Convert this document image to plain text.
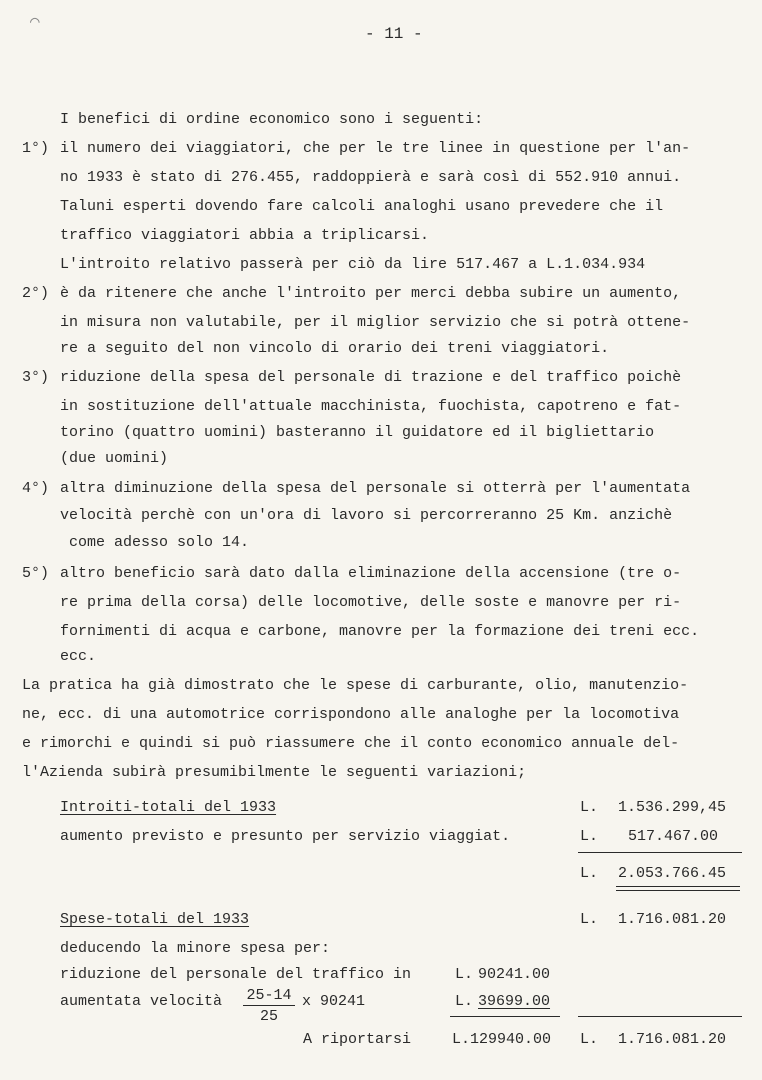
⌒
- 11 -
I benefici di ordine economico sono i seguenti:
1°) il numero dei viaggiatori, che per le tre linee in questione per l'an-
no 1933 è stato di 276.455, raddoppierà e sarà così di 552.910 annui.
Taluni esperti dovendo fare calcoli analoghi usano prevedere che il
traffico viaggiatori abbia a triplicarsi.
L'introito relativo passerà per ciò da lire 517.467 a L.1.034.934
2°) è da ritenere che anche l'introito per merci debba subire un aumento,
in misura non valutabile, per il miglior servizio che si potrà ottene-
re a seguito del non vincolo di orario dei treni viaggiatori.
3°) riduzione della spesa del personale di trazione e del traffico poichè
in sostituzione dell'attuale macchinista, fuochista, capotreno e fat-
torino (quattro uomini) basteranno il guidatore ed il bigliettario
(due uomini)
4°) altra diminuzione della spesa del personale si otterrà per l'aumentata
velocità perchè con un'ora di lavoro si percorreranno 25 Km. anzichè
come adesso solo 14.
5°) altro beneficio sarà dato dalla eliminazione della accensione (tre o-
re prima della corsa) delle locomotive, delle soste e manovre per ri-
fornimenti di acqua e carbone, manovre per la formazione dei treni ecc.
ecc.
La pratica ha già dimostrato che le spese di carburante, olio, manutenzio-
ne, ecc. di una automotrice corrispondono alle analoghe per la locomotiva
e rimorchi e quindi si può riassumere che il conto economico annuale del-
l'Azienda subirà presumibilmente le seguenti variazioni;
Introiti-totali del 1933	L. 1.536.299,45
aumento previsto e presunto per servizio viaggiat.	L. 517.467.00
L. 2.053.766.45
Spese-totali del 1933	L. 1.716.081.20
deducendo la minore spesa per:
riduzione del personale del traffico in	L. 90241.00
aumentata velocità $\frac{25-14}{25}$ x 90241	L. 39699.00
A riportarsi	L.129940.00 L. 1.716.081.20
